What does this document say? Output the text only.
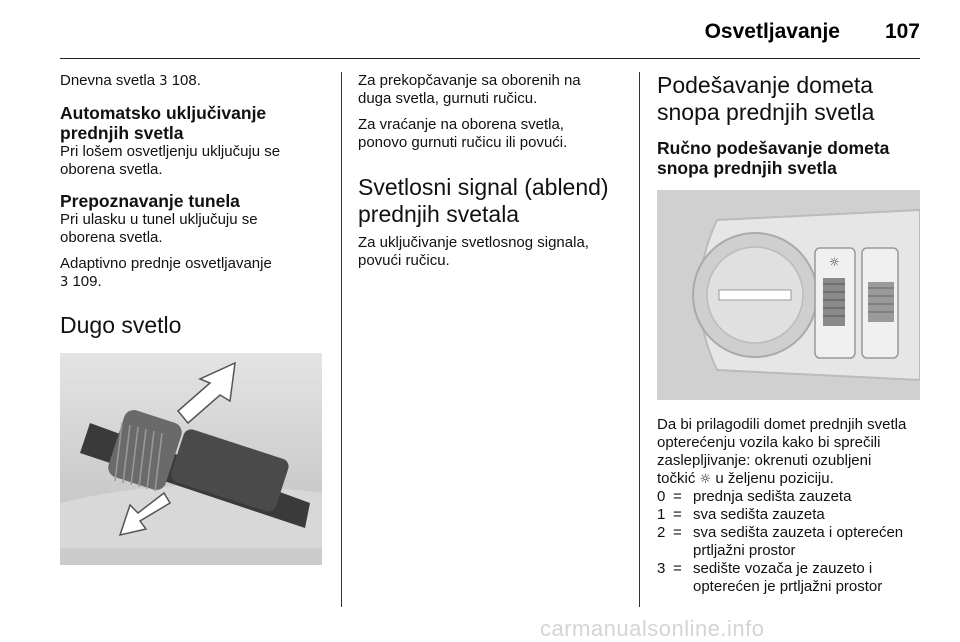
Osvetljavanje 107

Dnevna svetla 3 108.

Automatsko uključivanje
prednjih svetla

Pri lošem osvetljenju uključuju se
oborena svetla.

Prepoznavanje tunela

Pri ulasku u tunel uključuju se
oborena svetla.

Adaptivno prednje osvetljavanje
3 109.

Dugo svetlo

Za prekopčavanje sa oborenih na
duga svetla, gurnuti ručicu.

Za vraćanje na oborena svetla,
ponovo gurnuti ručicu ili povući.

Svetlosni signal (ablend)
prednjih svetala

Za uključivanje svetlosnog signala,
povući ručicu.

Podešavanje dometa
snopa prednjih svetla
Ručno podešavanje dometa
snopa prednjih svetla
☼

Da bi prilagodili domet prednjih svetla
opterećenju vozila kako bi sprečili
zaslepljivanje: okrenuti ozubljeni
točkić ☼ u željenu poziciju.

0 = prednja sedišta zauzeta
1 = sva sedišta zauzeta
2 = sva sedišta zauzeta i opterećen
prtljažni prostor
3 = sedište vozača je zauzeto i
opterećen je prtljažni prostor
carmanualsonline.info
